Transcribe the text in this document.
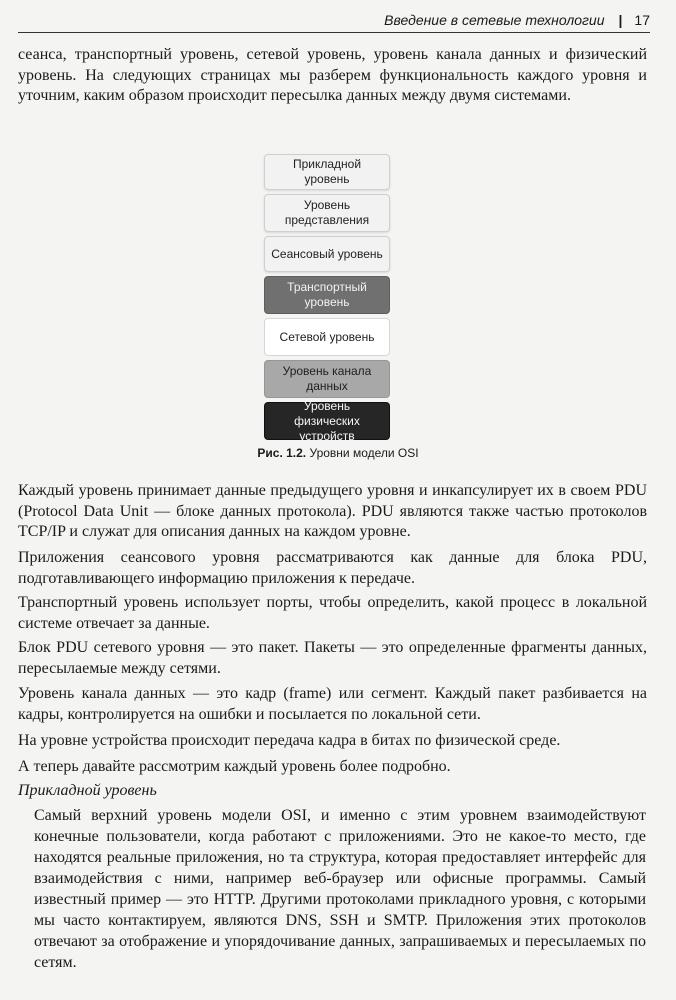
Введение в сетевые технологии | 17

сеанса, транспортный уровень, сетевой уровень, уровень канала данных и физический уровень. На следующих страницах мы разберем функциональность каждого уровня и уточним, каким образом происходит пересылка данных между двумя системами.

Прикладной уровень
Уровень представления
Сеансовый уровень
Транспортный уровень
Сетевой уровень
Уровень канала данных
Уровень физических устройств
Рис. 1.2. Уровни модели OSI

Каждый уровень принимает данные предыдущего уровня и инкапсулирует их в своем PDU (Protocol Data Unit — блоке данных протокола). PDU являются также частью протоколов TCP/IP и служат для описания данных на каждом уровне.

Приложения сеансового уровня рассматриваются как данные для блока PDU, подготавливающего информацию приложения к передаче.

Транспортный уровень использует порты, чтобы определить, какой процесс в локальной системе отвечает за данные.

Блок PDU сетевого уровня — это пакет. Пакеты — это определенные фрагменты данных, пересылаемые между сетями.

Уровень канала данных — это кадр (frame) или сегмент. Каждый пакет разбивается на кадры, контролируется на ошибки и посылается по локальной сети.

На уровне устройства происходит передача кадра в битах по физической среде.

А теперь давайте рассмотрим каждый уровень более подробно.

Прикладной уровень

Самый верхний уровень модели OSI, и именно с этим уровнем взаимодействуют конечные пользователи, когда работают с приложениями. Это не какое-то место, где находятся реальные приложения, но та структура, которая предоставляет интерфейс для взаимодействия с ними, например веб-браузер или офисные программы. Самый известный пример — это HTTP. Другими протоколами прикладного уровня, с которыми мы часто контактируем, являются DNS, SSH и SMTP. Приложения этих протоколов отвечают за отображение и упорядочивание данных, запрашиваемых и пересылаемых по сетям.
